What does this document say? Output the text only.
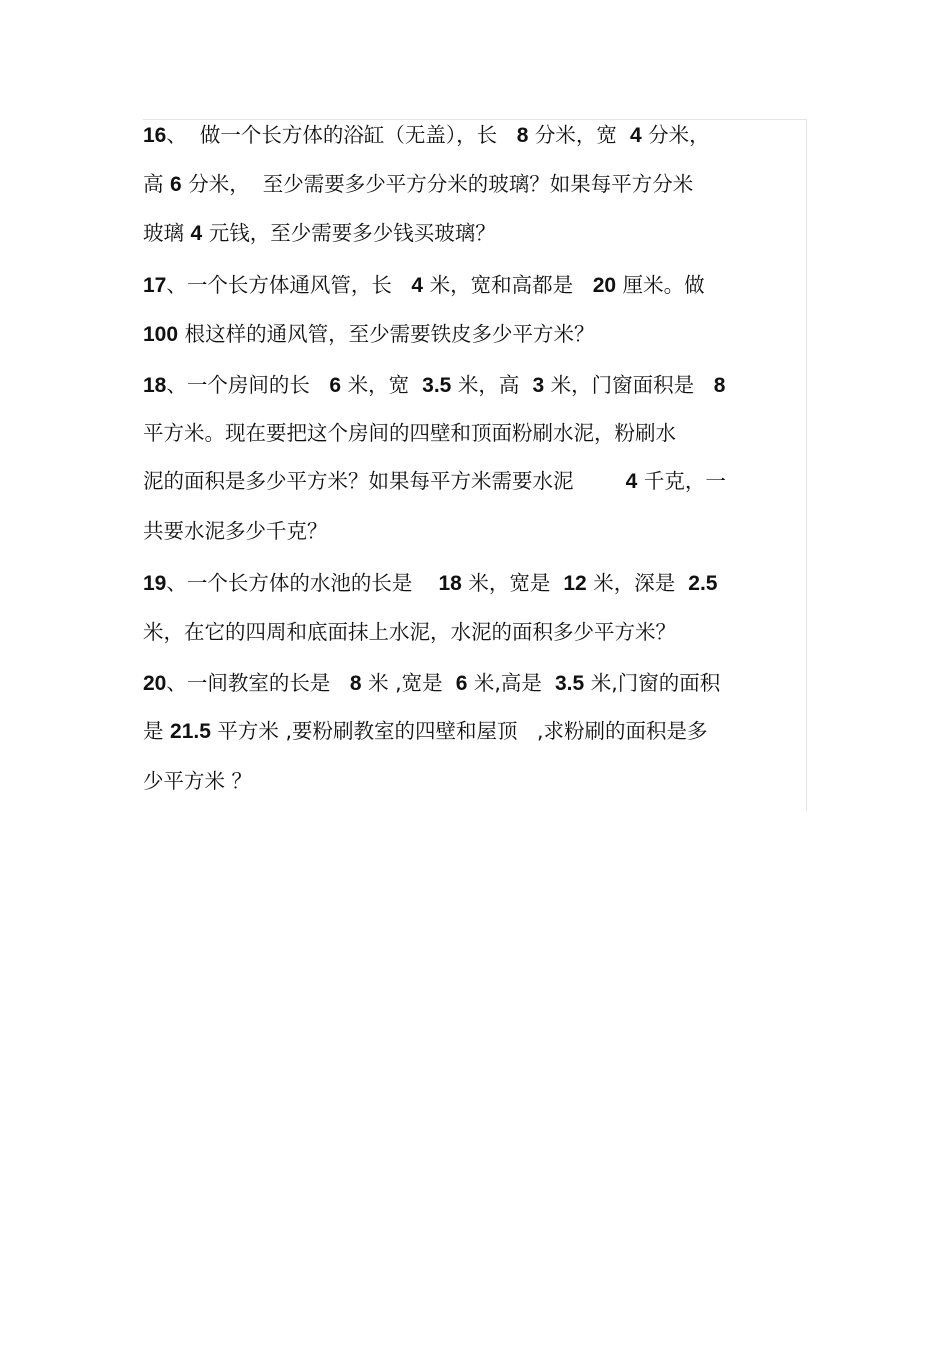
16、  做一个长方体的浴缸（无盖），长   8 分米，宽  4 分米，
高 6 分米，  至少需要多少平方分米的玻璃？如果每平方分米
玻璃 4 元钱，至少需要多少钱买玻璃？
17、一个长方体通风管，长   4 米，宽和高都是   20 厘米。做
100 根这样的通风管，至少需要铁皮多少平方米？
18、一个房间的长   6 米，宽  3.5 米，高  3 米，门窗面积是   8
平方米。现在要把这个房间的四壁和顶面粉刷水泥，粉刷水
泥的面积是多少平方米？如果每平方米需要水泥        4 千克，一
共要水泥多少千克？
19、一个长方体的水池的长是    18 米，宽是  12 米，深是  2.5
米，在它的四周和底面抹上水泥，水泥的面积多少平方米？
20、一间教室的长是   8 米 ,宽是  6 米,高是  3.5 米,门窗的面积
是 21.5 平方米 ,要粉刷教室的四壁和屋顶   ,求粉刷的面积是多
少平方米 ？
